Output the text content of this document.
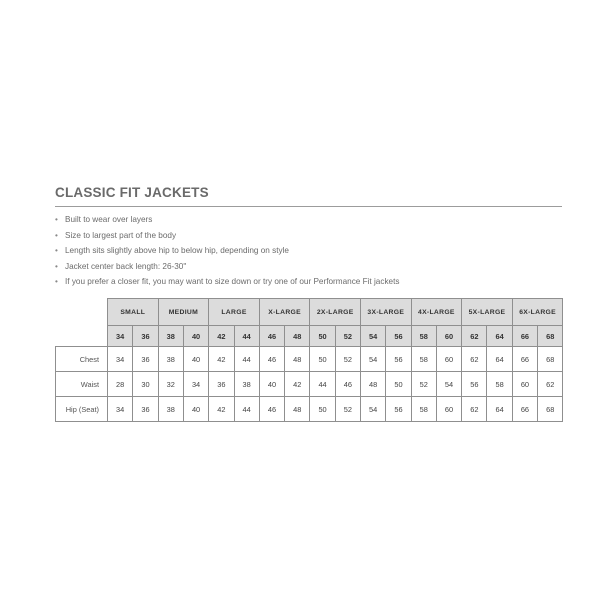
CLASSIC FIT JACKETS
• Built to wear over layers
• Size to largest part of the body
• Length sits slightly above hip to below hip, depending on style
• Jacket center back length: 26-30"
• If you prefer a closer fit, you may want to size down or try one of our Performance Fit jackets
	SMALL		MEDIUM		LARGE		X-LARGE		2X-LARGE		3X-LARGE		4X-LARGE		5X-LARGE		6X-LARGE	
	34	36	38	40	42	44	46	48	50	52	54	56	58	60	62	64	66	68
Chest	34	36	38	40	42	44	46	48	50	52	54	56	58	60	62	64	66	68
Waist	28	30	32	34	36	38	40	42	44	46	48	50	52	54	56	58	60	62
Hip (Seat)	34	36	38	40	42	44	46	48	50	52	54	56	58	60	62	64	66	68
